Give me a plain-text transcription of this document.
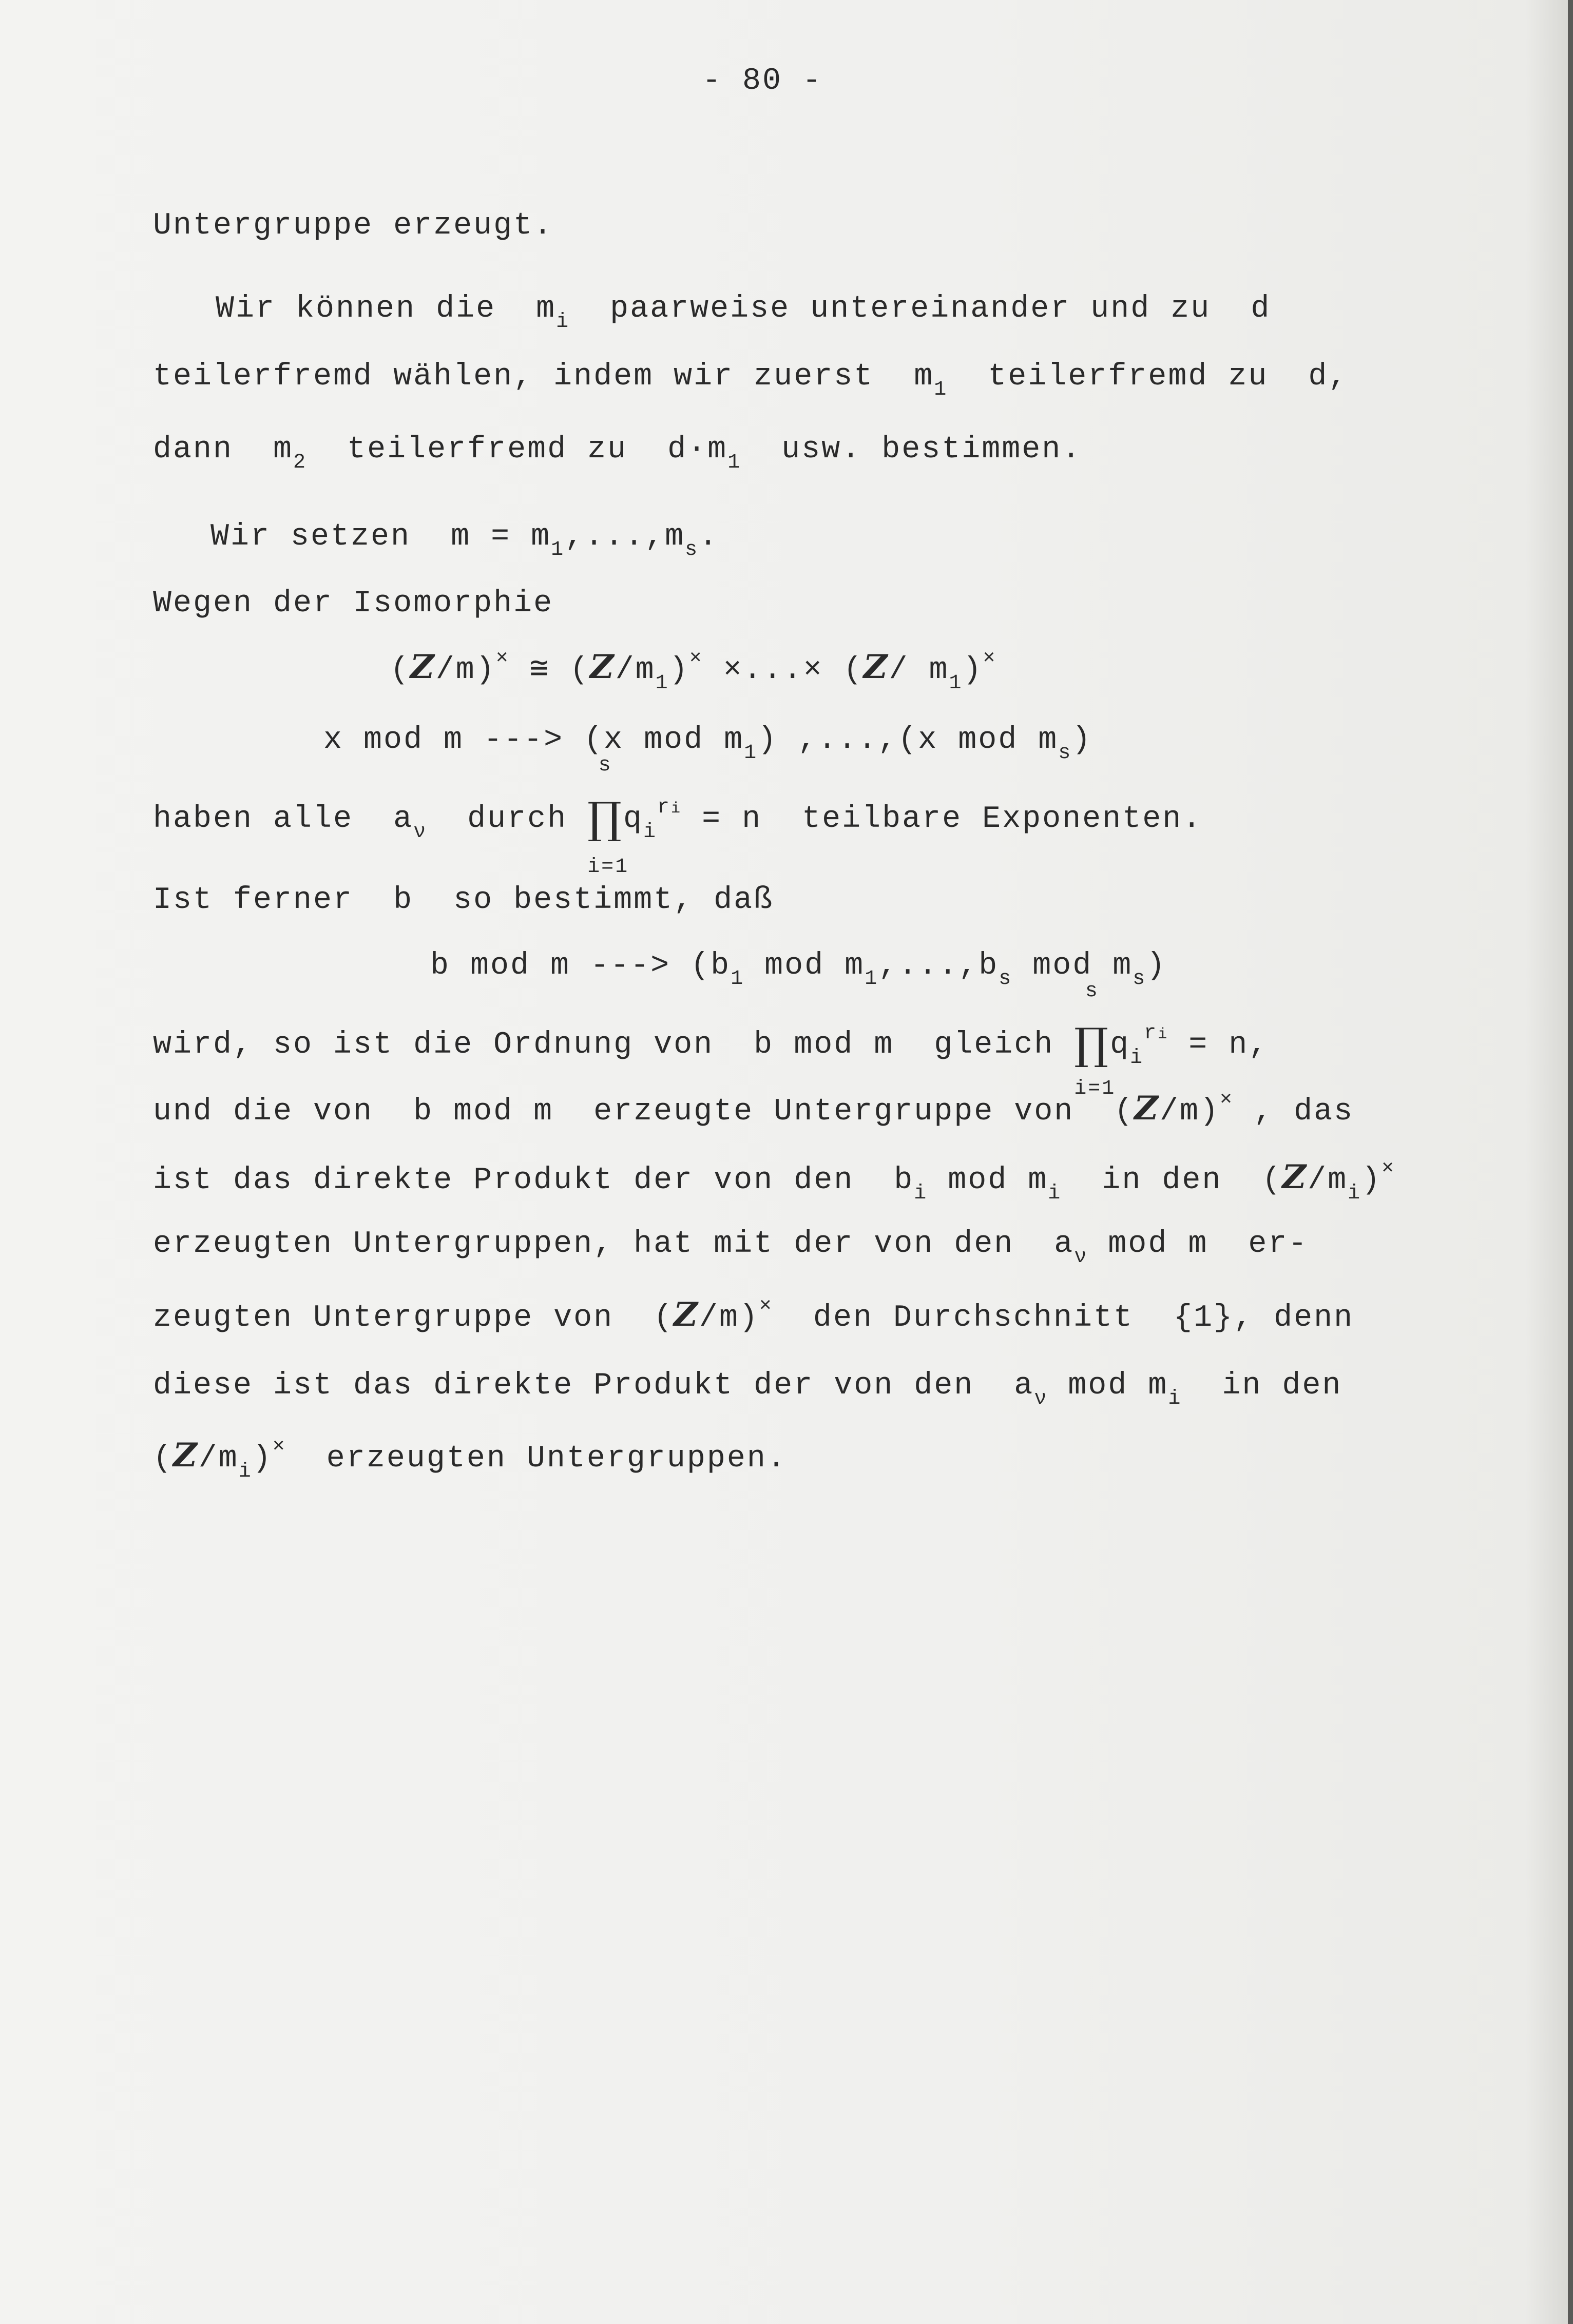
- 80 -
Untergruppe erzeugt.
Wir können die  $m_i$  paarweise untereinander und zu  d
teilerfremd wählen, indem wir zuerst  $m_1$  teilerfremd zu  d,
dann  $m_2$  teilerfremd zu  $d\cdot m_1$  usw. bestimmen.
Wir setzen  $m = m_1,...,m_s$.
Wegen der Isomorphie
(Z/m)× ≅ $(Z/m_1)^\times$ ×...× (Z/ $m_1)^\times$
x mod m ---> (x mod $m_1$) ,...,(x mod $m_s$)
haben alle  $a_\nu$  durch
s
∏
i=1
$q_i^{ri} = n$  teilbare Exponenten.
Ist ferner  b  so bestimmt, daß
b mod m ---> ($b_1$ mod $m_1,...,b_s$ mod $m_s$)
wird, so ist die Ordnung von  b mod m  gleich
s
∏
i=1
$q_i^{ri} = n$,
und die von  b mod m  erzeugte Untergruppe von  (Z/m)× , das
ist das direkte Produkt der von den  $b_i$ mod $m_i$  in den  $(Z/m_i)^\times$
erzeugten Untergruppen, hat mit der von den  $a_\nu$ mod m  er-
zeugten Untergruppe von  (Z/m)×  den Durchschnitt  {1}, denn
diese ist das direkte Produkt der von den  $a_\nu$ mod $m_i$  in den
$(Z/m_i)^\times$  erzeugten Untergruppen.
